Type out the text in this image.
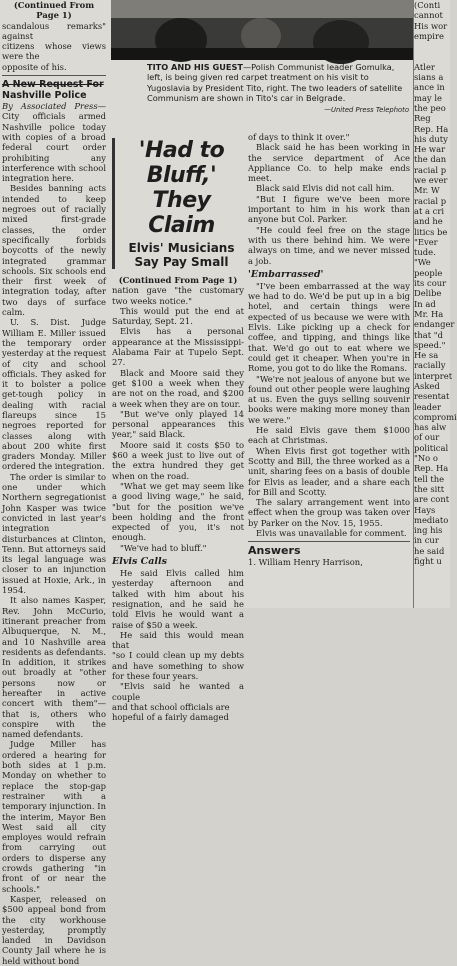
(Continued From Page 1)

scandalous remarks" against

citizens whose views were the

opposite of his.

A New Request For

Nashville Police

By Associated Press—City officials armed Nashville police today with copies of a broad federal court order prohibiting any interference with school integration here.

Besides banning acts intended to keep negroes out of racially mixed first-grade classes, the order specifically forbids boycotts of the newly integrated grammar schools. Six schools end their first week of integration today, after two days of surface calm.

U. S. Dist. Judge William E. Miller issued the temporary order yesterday at the request of city and school officials. They asked for it to bolster a police get-tough policy in dealing with racial flareups since 15 negroes reported for classes along with about 200 white first graders Monday. Miller ordered the integration.

The order is similar to one under which Northern segregationist John Kasper was twice convicted in last year's integration disturbances at Clinton, Tenn. But attorneys said its legal language was closer to an injunction issued at Hoxie, Ark., in 1954.

It also names Kasper, Rev. John McCurio, itinerant preacher from Albuquerque, N. M., and 10 Nashville area residents as defendants. In addition, it strikes out broadly at "other persons now or hereafter in active concert with them"—that is, others who conspire with the named defendants.

Judge Miller has ordered a hearing for both sides at 1 p.m. Monday on whether to replace the stop-gap restrainer with a temporary injunction. In the interim, Mayor Ben West said all city employes would refrain from carrying out orders to disperse any crowds gathering "in front of or near the schools."

Kasper, released on $500 appeal bond from the city workhouse yesterday, promptly landed in Davidson County Jail where he is held without bond

TITO AND HIS GUEST—Polish Communist leader Gomulka, left, is being given red carpet treatment on his visit to Yugoslavia by President Tito, right. The two leaders of satellite Communism are shown in Tito's car in Belgrade.
—United Press Telephoto
'Had to Bluff,'
They Claim
Elvis' Musicians
Say Pay Small

(Continued From Page 1)

nation gave "the customary two weeks notice."

This would put the end at Saturday, Sept. 21.

Elvis has a personal appearance at the Mississippi-Alabama Fair at Tupelo Sept. 27.

Black and Moore said they get $100 a week when they are not on the road, and $200 a week when they are on tour.

"But we've only played 14 personal appearances this year," said Black.

Moore said it costs $50 to $60 a week just to live out of the extra hundred they get when on the road.

"What we get may seem like a good living wage," he said, "but for the position we've been holding and the front expected of you, it's not enough.

"We've had to bluff."

Elvis Calls

He said Elvis called him yesterday afternoon and talked with him about his resignation, and he said he told Elvis he would want a raise of $50 a week.

He said this would mean that

"so I could clean up my debts and have something to show for these four years.

"Elvis said he wanted a couple

and that school officials are

hopeful of a fairly damaged

of days to think it over."

Black said he has been working in the service department of Ace Appliance Co. to help make ends meet.

Black said Elvis did not call him.

"But I figure we've been more important to him in his work than anyone but Col. Parker.

"He could feel free on the stage with us there behind him. We were always on time, and we never missed a job.

'Embarrassed'

"I've been embarrassed at the way we had to do. We'd be put up in a big hotel, and certain things were expected of us because we were with Elvis. Like picking up a check for coffee, and tipping, and things like that. We'd go out to eat where we could get it cheaper. When you're in Rome, you got to do like the Romans.

"We're not jealous of anyone but we found out other people were laughing at us. Even the guys selling souvenir books were making more money than we were."

He said Elvis gave them $1000 each at Christmas.

When Elvis first got together with Scotty and Bill, the three worked as a unit, sharing fees on a basis of double for Elvis as leader, and a share each for Bill and Scotty.

The salary arrangement went into effect when the group was taken over by Parker on the Nov. 15, 1955.

Elvis was unavailable for comment.

Answers

1. William Henry Harrison,

(Conti

cannot

His wor

empire

Atler

sians a

ance in

may le

the peo

Reg

Rep. Ha

his duty

He war

the dan

racial p

we ever

Mr. W

racial p

at a cri

and he

litics be

"Ever

tude.

"We

people

its cour

Delibe

In ad

Mr. Ha

endanger

that "d

speed."

He sa

racially

interpret

Asked

resentat

leader

compromi

has alw

of our

political

"No o

Rep. Ha

tell the

the sitt

are cont

Hays

mediato

ing his

in cur

he said

fight u
